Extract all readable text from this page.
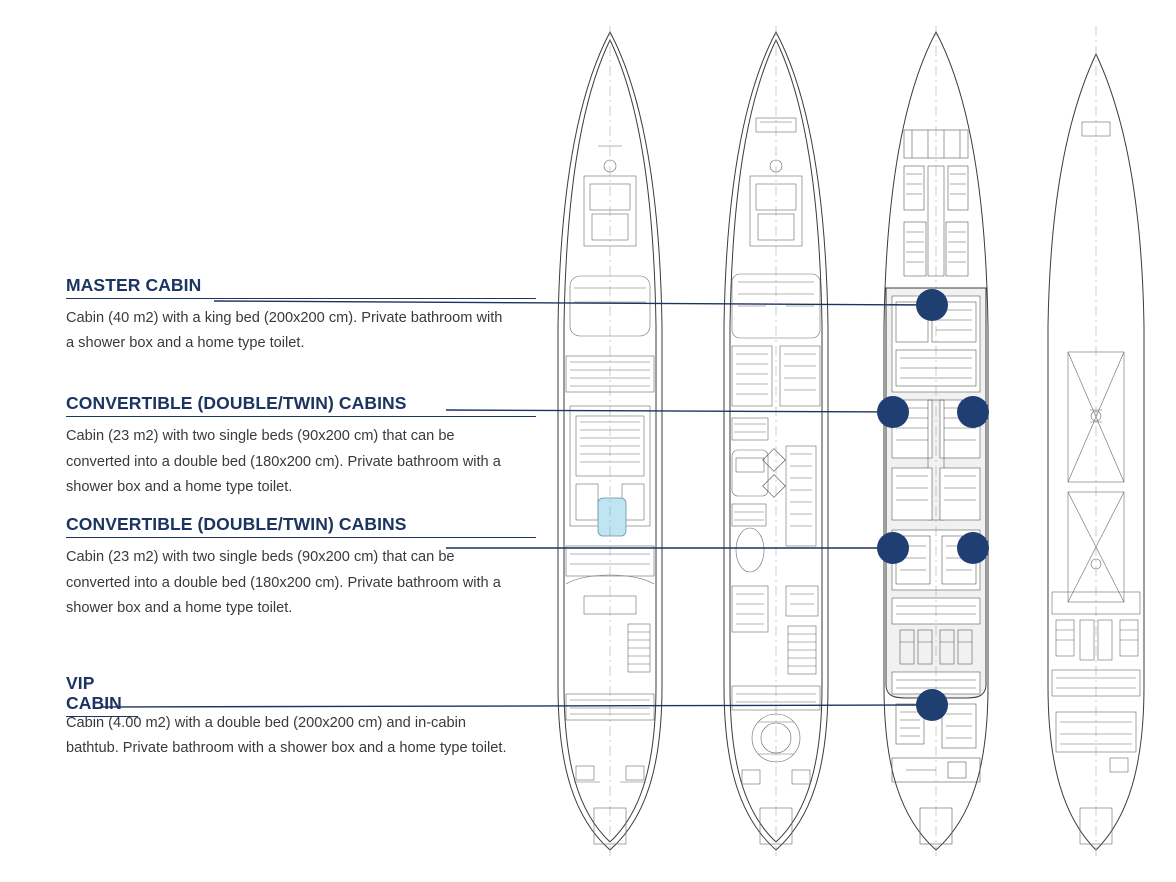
MASTER CABIN

Cabin (40 m2) with a king bed (200x200 cm). Private bathroom with a shower box and a home type toilet.

CONVERTIBLE (DOUBLE/TWIN) CABINS

Cabin (23 m2) with two single beds (90x200 cm) that can be converted into a double bed (180x200 cm). Private bathroom with a shower box and a home type toilet.

CONVERTIBLE (DOUBLE/TWIN) CABINS

Cabin (23 m2) with two single beds (90x200 cm) that can be converted into a double bed (180x200 cm). Private bathroom with a shower box and a home type toilet.

VIP CABIN

Cabin (4.00 m2) with a double bed (200x200 cm) and in-cabin bathtub. Private bathroom with a shower box and a home type toilet.
